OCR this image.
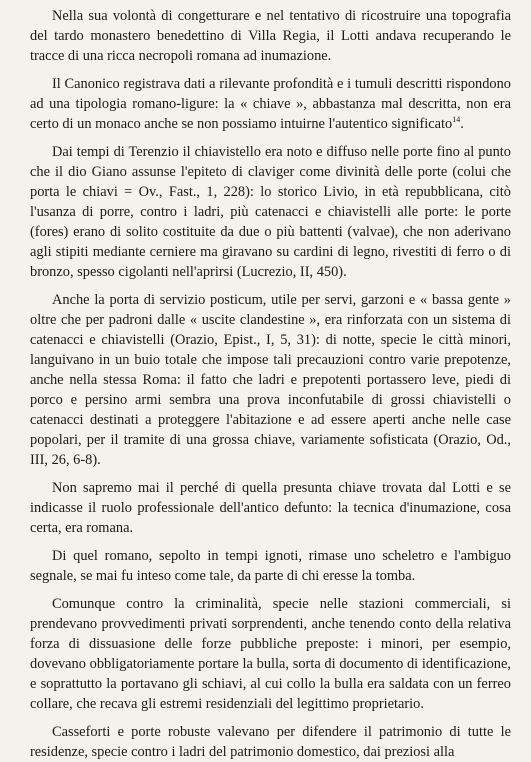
Nella sua volontà di congetturare e nel tentativo di ricostruire una topografia del tardo monastero benedettino di Villa Regia, il Lotti andava recuperando le tracce di una ricca necropoli romana ad inumazione.

Il Canonico registrava dati a rilevante profondità e i tumuli descritti rispondono ad una tipologia romano-ligure: la « chiave », abbastanza mal descritta, non era certo di un monaco anche se non possiamo intuirne l'autentico significato$^{14}$.

Dai tempi di Terenzio il chiavistello era noto e diffuso nelle porte fino al punto che il dio Giano assunse l'epiteto di claviger come divinità delle porte (colui che porta le chiavi = Ov., Fast., 1, 228): lo storico Livio, in età repubblicana, citò l'usanza di porre, contro i ladri, più catenacci e chiavistelli alle porte: le porte (fores) erano di solito costituite da due o più battenti (valvae), che non aderivano agli stipiti mediante cerniere ma giravano su cardini di legno, rivestiti di ferro o di bronzo, spesso cigolanti nell'aprirsi (Lucrezio, II, 450).

Anche la porta di servizio posticum, utile per servi, garzoni e « bassa gente » oltre che per padroni dalle « uscite clandestine », era rinforzata con un sistema di catenacci e chiavistelli (Orazio, Epist., I, 5, 31): di notte, specie le città minori, languivano in un buio totale che impose tali precauzioni contro varie prepotenze, anche nella stessa Roma: il fatto che ladri e prepotenti portassero leve, piedi di porco e persino armi sembra una prova inconfutabile di grossi chiavistelli o catenacci destinati a proteggere l'abitazione e ad essere aperti anche nelle case popolari, per il tramite di una grossa chiave, variamente sofisticata (Orazio, Od., III, 26, 6-8).

Non sapremo mai il perché di quella presunta chiave trovata dal Lotti e se indicasse il ruolo professionale dell'antico defunto: la tecnica d'inumazione, cosa certa, era romana.

Di quel romano, sepolto in tempi ignoti, rimase uno scheletro e l'ambiguo segnale, se mai fu inteso come tale, da parte di chi eresse la tomba.

Comunque contro la criminalità, specie nelle stazioni commerciali, si prendevano provvedimenti privati sorprendenti, anche tenendo conto della relativa forza di dissuasione delle forze pubbliche preposte: i minori, per esempio, dovevano obbligatoriamente portare la bulla, sorta di documento di identificazione, e soprattutto la portavano gli schiavi, al cui collo la bulla era saldata con un ferreo collare, che recava gli estremi residenziali del legittimo proprietario.

Casseforti e porte robuste valevano per difendere il patrimonio di tutte le residenze, specie contro i ladri del patrimonio domestico, dai preziosi alla
